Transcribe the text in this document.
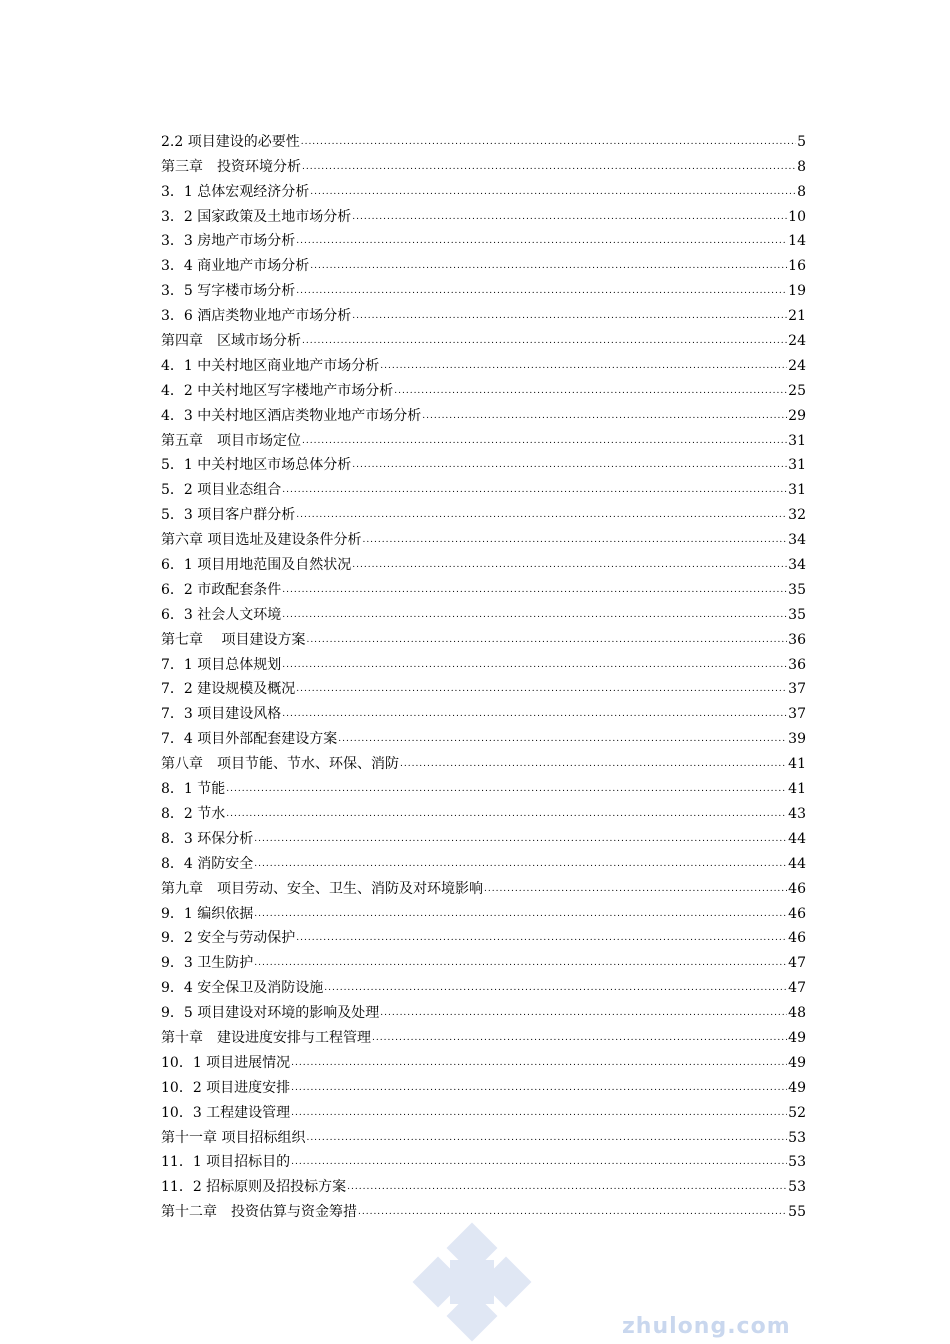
2.2 项目建设的必要性 .....	5
第三章　投资环境分析 .....	8
3．1 总体宏观经济分析 .....	8
3．2 国家政策及土地市场分析 .....	10
3．3 房地产市场分析 .....	14
3．4 商业地产市场分析 .....	16
3．5 写字楼市场分析 .....	19
3．6 酒店类物业地产市场分析 .....	21
第四章　区域市场分析 .....	24
4．1 中关村地区商业地产市场分析 .....	24
4．2 中关村地区写字楼地产市场分析 .....	25
4．3 中关村地区酒店类物业地产市场分析 .....	29
第五章　项目市场定位 .....	31
5．1 中关村地区市场总体分析 .....	31
5．2 项目业态组合 .....	31
5．3 项目客户群分析 .....	32
第六章 项目选址及建设条件分析 .....	34
6．1 项目用地范围及自然状况 .....	34
6．2 市政配套条件 .....	35
6．3 社会人文环境 .....	35
第七章　 项目建设方案 .....	36
7．1 项目总体规划 .....	36
7．2 建设规模及概况 .....	37
7．3 项目建设风格 .....	37
7．4 项目外部配套建设方案 .....	39
第八章　项目节能、节水、环保、消防 .....	41
8．1 节能 .....	41
8．2 节水 .....	43
8．3 环保分析 .....	44
8．4 消防安全 .....	44
第九章　项目劳动、安全、卫生、消防及对环境影响 .....	46
9．1 编织依据 .....	46
9．2 安全与劳动保护 .....	46
9．3 卫生防护 .....	47
9．4 安全保卫及消防设施 .....	47
9．5 项目建设对环境的影响及处理 .....	48
第十章　建设进度安排与工程管理 .....	49
10．1 项目进展情况 .....	49
10．2 项目进度安排 .....	49
10．3 工程建设管理 .....	52
第十一章 项目招标组织 .....	53
11．1 项目招标目的 .....	53
11．2 招标原则及招投标方案 .....	53
第十二章　投资估算与资金筹措 .....	55
zhulong.com
